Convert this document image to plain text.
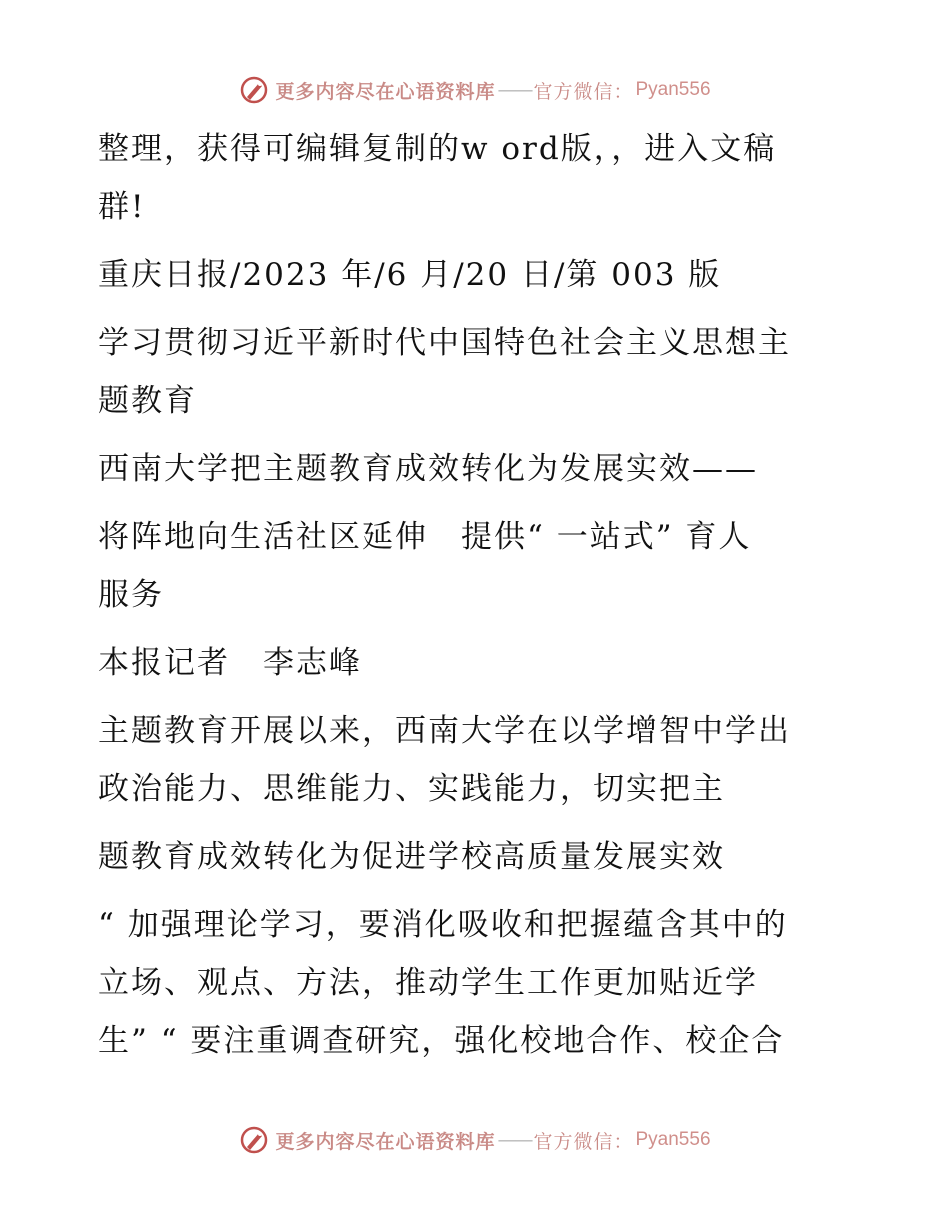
更多内容尽在心语资料库 —— 官方微信： Pyan556
整理，获得可编辑复制的w ord版，，进入文稿
群!
重庆日报/2023 年/6 月/20 日/第 003 版
学习贯彻习近平新时代中国特色社会主义思想主
题教育
西南大学把主题教育成效转化为发展实效——
将阵地向生活社区延伸　提供“ 一站式” 育人
服务
本报记者　李志峰
主题教育开展以来，西南大学在以学增智中学出
政治能力、思维能力、实践能力，切实把主
题教育成效转化为促进学校高质量发展实效
“ 加强理论学习，要消化吸收和把握蕴含其中的
立场、观点、方法，推动学生工作更加贴近学
生” “ 要注重调查研究，强化校地合作、校企合
更多内容尽在心语资料库 —— 官方微信： Pyan556
